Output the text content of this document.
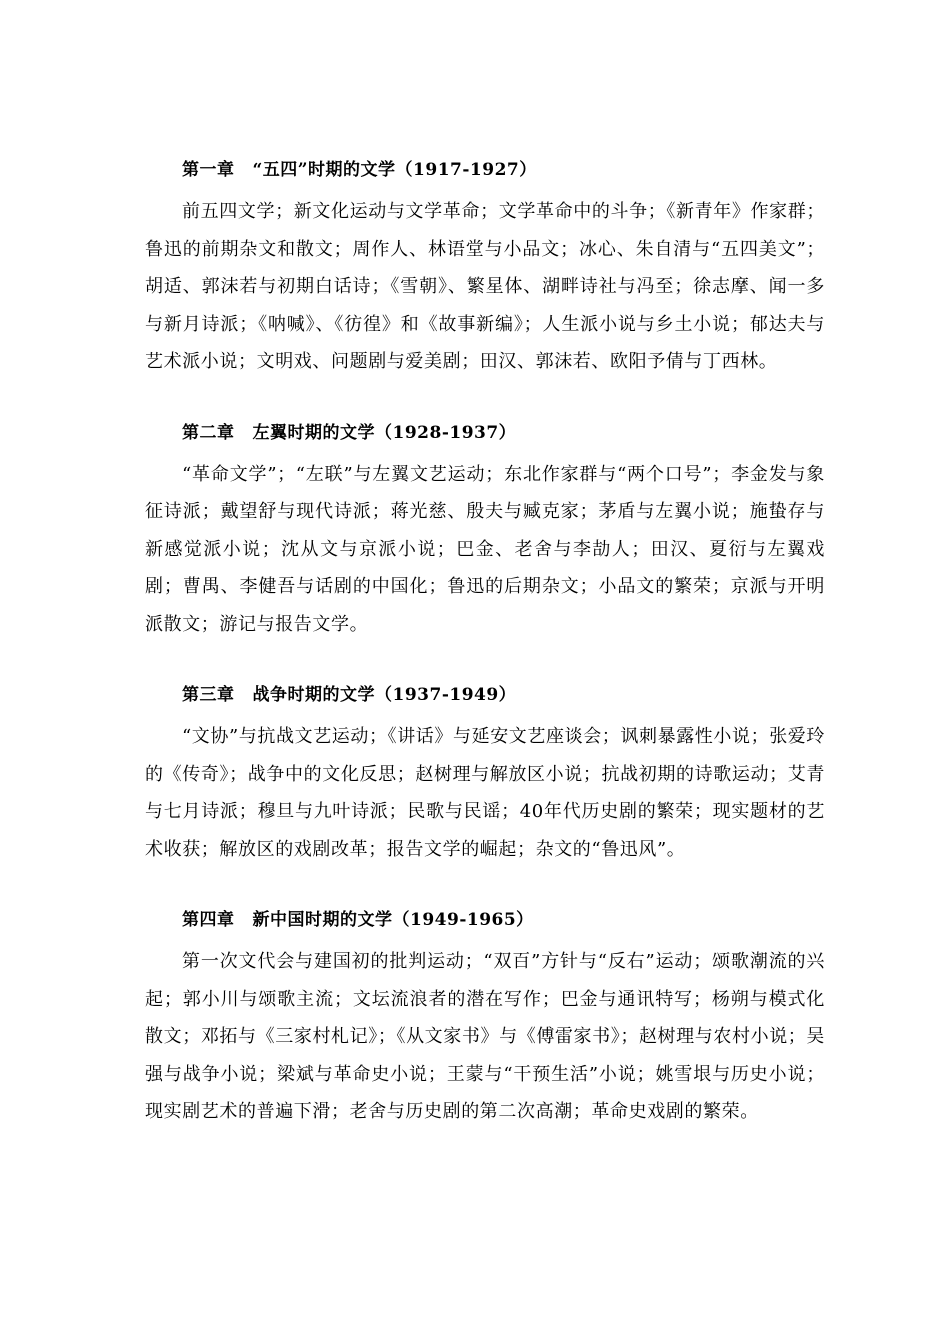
第一章 “五四”时期的文学（1917-1927）

前五四文学；新文化运动与文学革命；文学革命中的斗争；《新青年》作家群；鲁迅的前期杂文和散文；周作人、林语堂与小品文；冰心、朱自清与“五四美文”；胡适、郭沫若与初期白话诗；《雪朝》、繁星体、湖畔诗社与冯至；徐志摩、闻一多与新月诗派；《呐喊》、《彷徨》和《故事新编》；人生派小说与乡土小说；郁达夫与艺术派小说；文明戏、问题剧与爱美剧；田汉、郭沫若、欧阳予倩与丁西林。

第二章 左翼时期的文学（1928-1937）

“革命文学”；“左联”与左翼文艺运动；东北作家群与“两个口号”；李金发与象征诗派；戴望舒与现代诗派；蒋光慈、殷夫与臧克家；茅盾与左翼小说；施蛰存与新感觉派小说；沈从文与京派小说；巴金、老舍与李劼人；田汉、夏衍与左翼戏剧；曹禺、李健吾与话剧的中国化；鲁迅的后期杂文；小品文的繁荣；京派与开明派散文；游记与报告文学。

第三章 战争时期的文学（1937-1949）

“文协”与抗战文艺运动；《讲话》与延安文艺座谈会；讽刺暴露性小说；张爱玲的《传奇》；战争中的文化反思；赵树理与解放区小说；抗战初期的诗歌运动；艾青与七月诗派；穆旦与九叶诗派；民歌与民谣；40年代历史剧的繁荣；现实题材的艺术收获；解放区的戏剧改革；报告文学的崛起；杂文的“鲁迅风”。

第四章 新中国时期的文学（1949-1965）

第一次文代会与建国初的批判运动；“双百”方针与“反右”运动；颂歌潮流的兴起；郭小川与颂歌主流；文坛流浪者的潜在写作；巴金与通讯特写；杨朔与模式化散文；邓拓与《三家村札记》；《从文家书》与《傅雷家书》；赵树理与农村小说；吴强与战争小说；梁斌与革命史小说；王蒙与“干预生活”小说；姚雪垠与历史小说；现实剧艺术的普遍下滑；老舍与历史剧的第二次高潮；革命史戏剧的繁荣。
